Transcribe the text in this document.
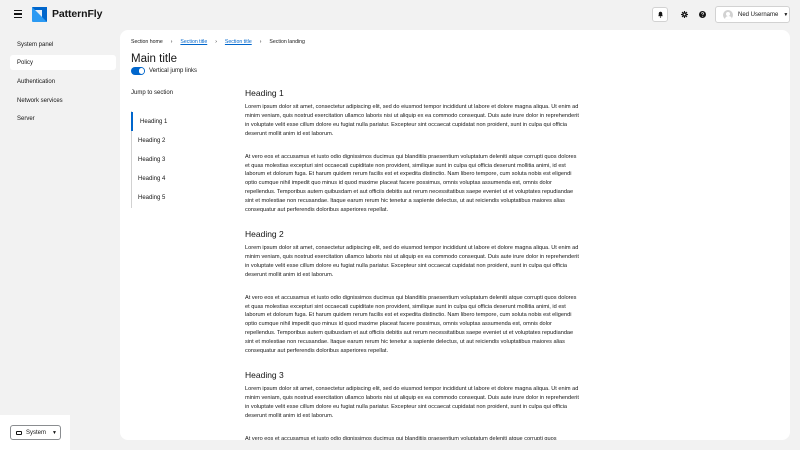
PatternFly	Ned Username ▼
System panel
Policy
Authentication
Network services
Server
System ▼
Section home › Section title › Section title › Section landing
Main title
Vertical jump links
Jump to section
Heading 1
Heading 2
Heading 3
Heading 4
Heading 5
Heading 1

Lorem ipsum dolor sit amet, consectetur adipiscing elit, sed do eiusmod tempor incididunt ut labore et dolore magna aliqua. Ut enim ad minim veniam, quis nostrud exercitation ullamco laboris nisi ut aliquip ex ea commodo consequat. Duis aute irure dolor in reprehenderit in voluptate velit esse cillum dolore eu fugiat nulla pariatur. Excepteur sint occaecat cupidatat non proident, sunt in culpa qui officia deserunt mollit anim id est laborum.

At vero eos et accusamus et iusto odio dignissimos ducimus qui blanditiis praesentium voluptatum deleniti atque corrupti quos dolores et quas molestias excepturi sint occaecati cupiditate non provident, similique sunt in culpa qui officia deserunt mollitia animi, id est laborum et dolorum fuga. Et harum quidem rerum facilis est et expedita distinctio. Nam libero tempore, cum soluta nobis est eligendi optio cumque nihil impedit quo minus id quod maxime placeat facere possimus, omnis voluptas assumenda est, omnis dolor repellendus. Temporibus autem quibusdam et aut officiis debitis aut rerum necessitatibus saepe eveniet ut et voluptates repudiandae sint et molestiae non recusandae. Itaque earum rerum hic tenetur a sapiente delectus, ut aut reiciendis voluptatibus maiores alias consequatur aut perferendis doloribus asperiores repellat.

Heading 2

Lorem ipsum dolor sit amet, consectetur adipiscing elit, sed do eiusmod tempor incididunt ut labore et dolore magna aliqua. Ut enim ad minim veniam, quis nostrud exercitation ullamco laboris nisi ut aliquip ex ea commodo consequat. Duis aute irure dolor in reprehenderit in voluptate velit esse cillum dolore eu fugiat nulla pariatur. Excepteur sint occaecat cupidatat non proident, sunt in culpa qui officia deserunt mollit anim id est laborum.

At vero eos et accusamus et iusto odio dignissimos ducimus qui blanditiis praesentium voluptatum deleniti atque corrupti quos dolores et quas molestias excepturi sint occaecati cupiditate non provident, similique sunt in culpa qui officia deserunt mollitia animi, id est laborum et dolorum fuga. Et harum quidem rerum facilis est et expedita distinctio. Nam libero tempore, cum soluta nobis est eligendi optio cumque nihil impedit quo minus id quod maxime placeat facere possimus, omnis voluptas assumenda est, omnis dolor repellendus. Temporibus autem quibusdam et aut officiis debitis aut rerum necessitatibus saepe eveniet ut et voluptates repudiandae sint et molestiae non recusandae. Itaque earum rerum hic tenetur a sapiente delectus, ut aut reiciendis voluptatibus maiores alias consequatur aut perferendis doloribus asperiores repellat.

Heading 3

Lorem ipsum dolor sit amet, consectetur adipiscing elit, sed do eiusmod tempor incididunt ut labore et dolore magna aliqua. Ut enim ad minim veniam, quis nostrud exercitation ullamco laboris nisi ut aliquip ex ea commodo consequat. Duis aute irure dolor in reprehenderit in voluptate velit esse cillum dolore eu fugiat nulla pariatur. Excepteur sint occaecat cupidatat non proident, sunt in culpa qui officia deserunt mollit anim id est laborum.

At vero eos et accusamus et iusto odio dignissimos ducimus qui blanditiis praesentium voluptatum deleniti atque corrupti quos
